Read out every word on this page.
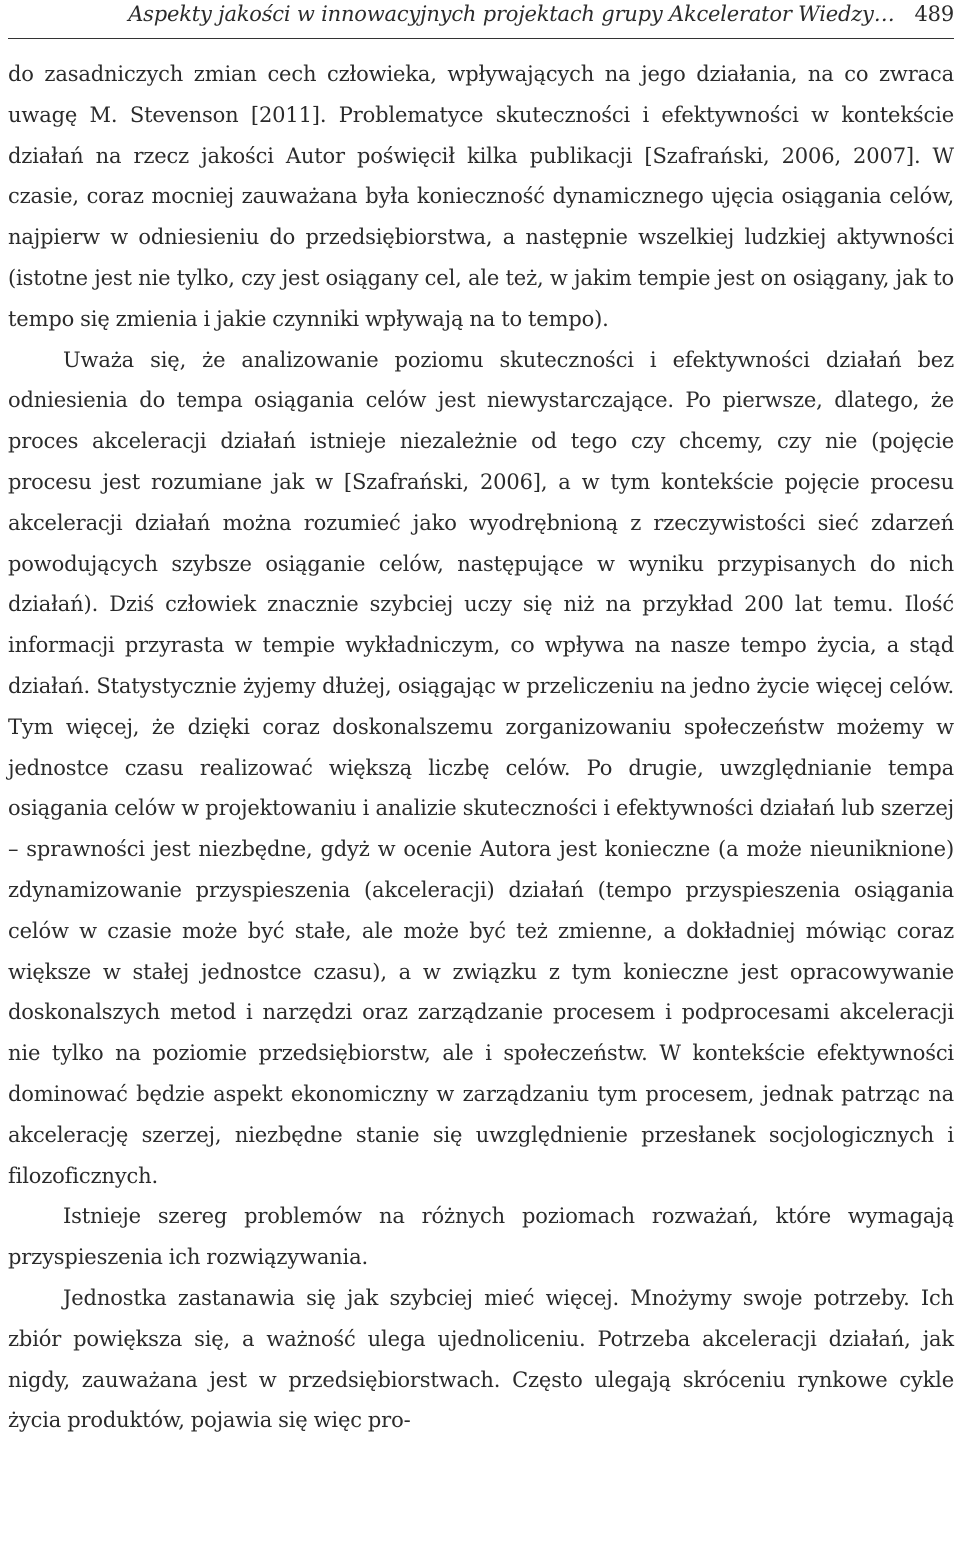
Aspekty jakości w innowacyjnych projektach grupy Akcelerator Wiedzy… 489

do zasadniczych zmian cech człowieka, wpływających na jego działania, na co zwraca uwagę M. Stevenson [2011]. Problematyce skuteczności i efektywności w kontekście działań na rzecz jakości Autor poświęcił kilka publikacji [Szafrański, 2006, 2007]. W czasie, coraz mocniej zauważana była konieczność dynamicznego ujęcia osiągania celów, najpierw w odniesieniu do przedsiębiorstwa, a następnie wszelkiej ludzkiej aktywności (istotne jest nie tylko, czy jest osiągany cel, ale też, w jakim tempie jest on osiągany, jak to tempo się zmienia i jakie czynniki wpływają na to tempo).

Uważa się, że analizowanie poziomu skuteczności i efektywności działań bez odniesienia do tempa osiągania celów jest niewystarczające. Po pierwsze, dlatego, że proces akceleracji działań istnieje niezależnie od tego czy chcemy, czy nie (pojęcie procesu jest rozumiane jak w [Szafrański, 2006], a w tym kontekście pojęcie procesu akceleracji działań można rozumieć jako wyodrębnioną z rzeczywistości sieć zdarzeń powodujących szybsze osiąganie celów, następujące w wyniku przypisanych do nich działań). Dziś człowiek znacznie szybciej uczy się niż na przykład 200 lat temu. Ilość informacji przyrasta w tempie wykładniczym, co wpływa na nasze tempo życia, a stąd działań. Statystycznie żyjemy dłużej, osiągając w przeliczeniu na jedno życie więcej celów. Tym więcej, że dzięki coraz doskonalszemu zorganizowaniu społeczeństw możemy w jednostce czasu realizować większą liczbę celów. Po drugie, uwzględnianie tempa osiągania celów w projektowaniu i analizie skuteczności i efektywności działań lub szerzej – sprawności jest niezbędne, gdyż w ocenie Autora jest konieczne (a może nieuniknione) zdynamizowanie przyspieszenia (akceleracji) działań (tempo przyspieszenia osiągania celów w czasie może być stałe, ale może być też zmienne, a dokładniej mówiąc coraz większe w stałej jednostce czasu), a w związku z tym konieczne jest opracowywanie doskonalszych metod i narzędzi oraz zarządzanie procesem i podprocesami akceleracji nie tylko na poziomie przedsiębiorstw, ale i społeczeństw. W kontekście efektywności dominować będzie aspekt ekonomiczny w zarządzaniu tym procesem, jednak patrząc na akcelerację szerzej, niezbędne stanie się uwzględnienie przesłanek socjologicznych i filozoficznych.

Istnieje szereg problemów na różnych poziomach rozważań, które wymagają przyspieszenia ich rozwiązywania.

Jednostka zastanawia się jak szybciej mieć więcej. Mnożymy swoje potrzeby. Ich zbiór powiększa się, a ważność ulega ujednoliceniu. Potrzeba akceleracji działań, jak nigdy, zauważana jest w przedsiębiorstwach. Często ulegają skróceniu rynkowe cykle życia produktów, pojawia się więc pro-
